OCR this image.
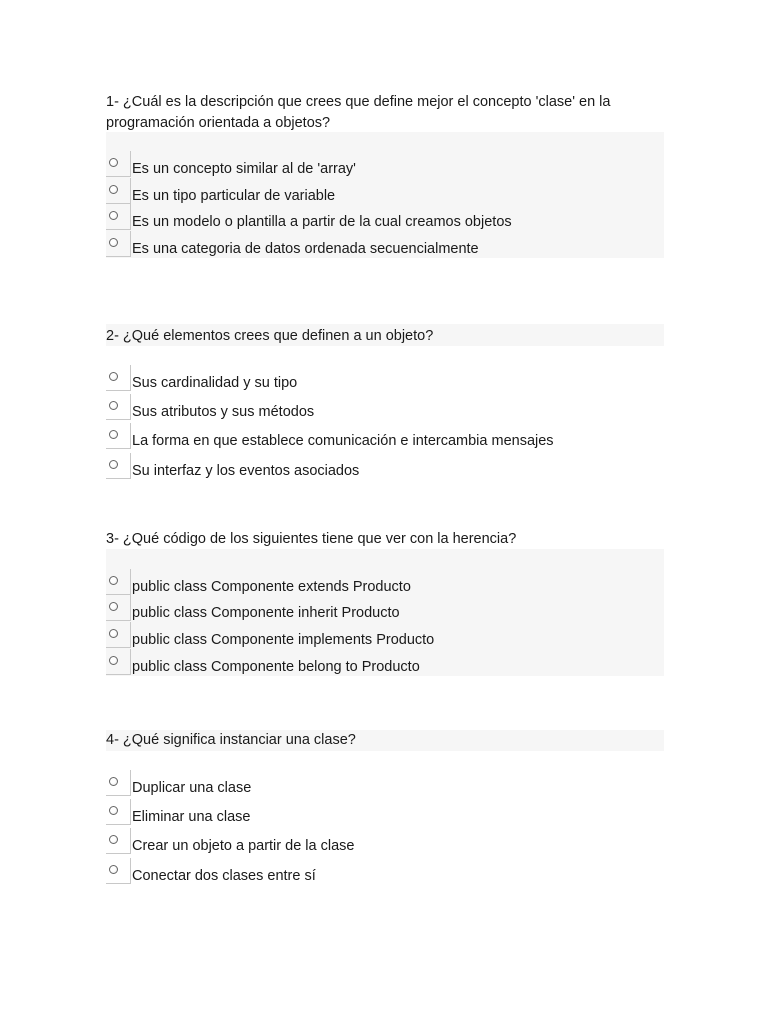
1- ¿Cuál es la descripción que crees que define mejor el concepto 'clase' en la
programación orientada a objetos?

Es un concepto similar al de 'array'
Es un tipo particular de variable
Es un modelo o plantilla a partir de la cual creamos objetos
Es una categoria de datos ordenada secuencialmente

2- ¿Qué elementos crees que definen a un objeto?

Sus cardinalidad y su tipo
Sus atributos y sus métodos
La forma en que establece comunicación e intercambia mensajes
Su interfaz y los eventos asociados

3- ¿Qué código de los siguientes tiene que ver con la herencia?

public class Componente extends Producto
public class Componente inherit Producto
public class Componente implements Producto
public class Componente belong to Producto

4- ¿Qué significa instanciar una clase?

Duplicar una clase
Eliminar una clase
Crear un objeto a partir de la clase
Conectar dos clases entre sí
